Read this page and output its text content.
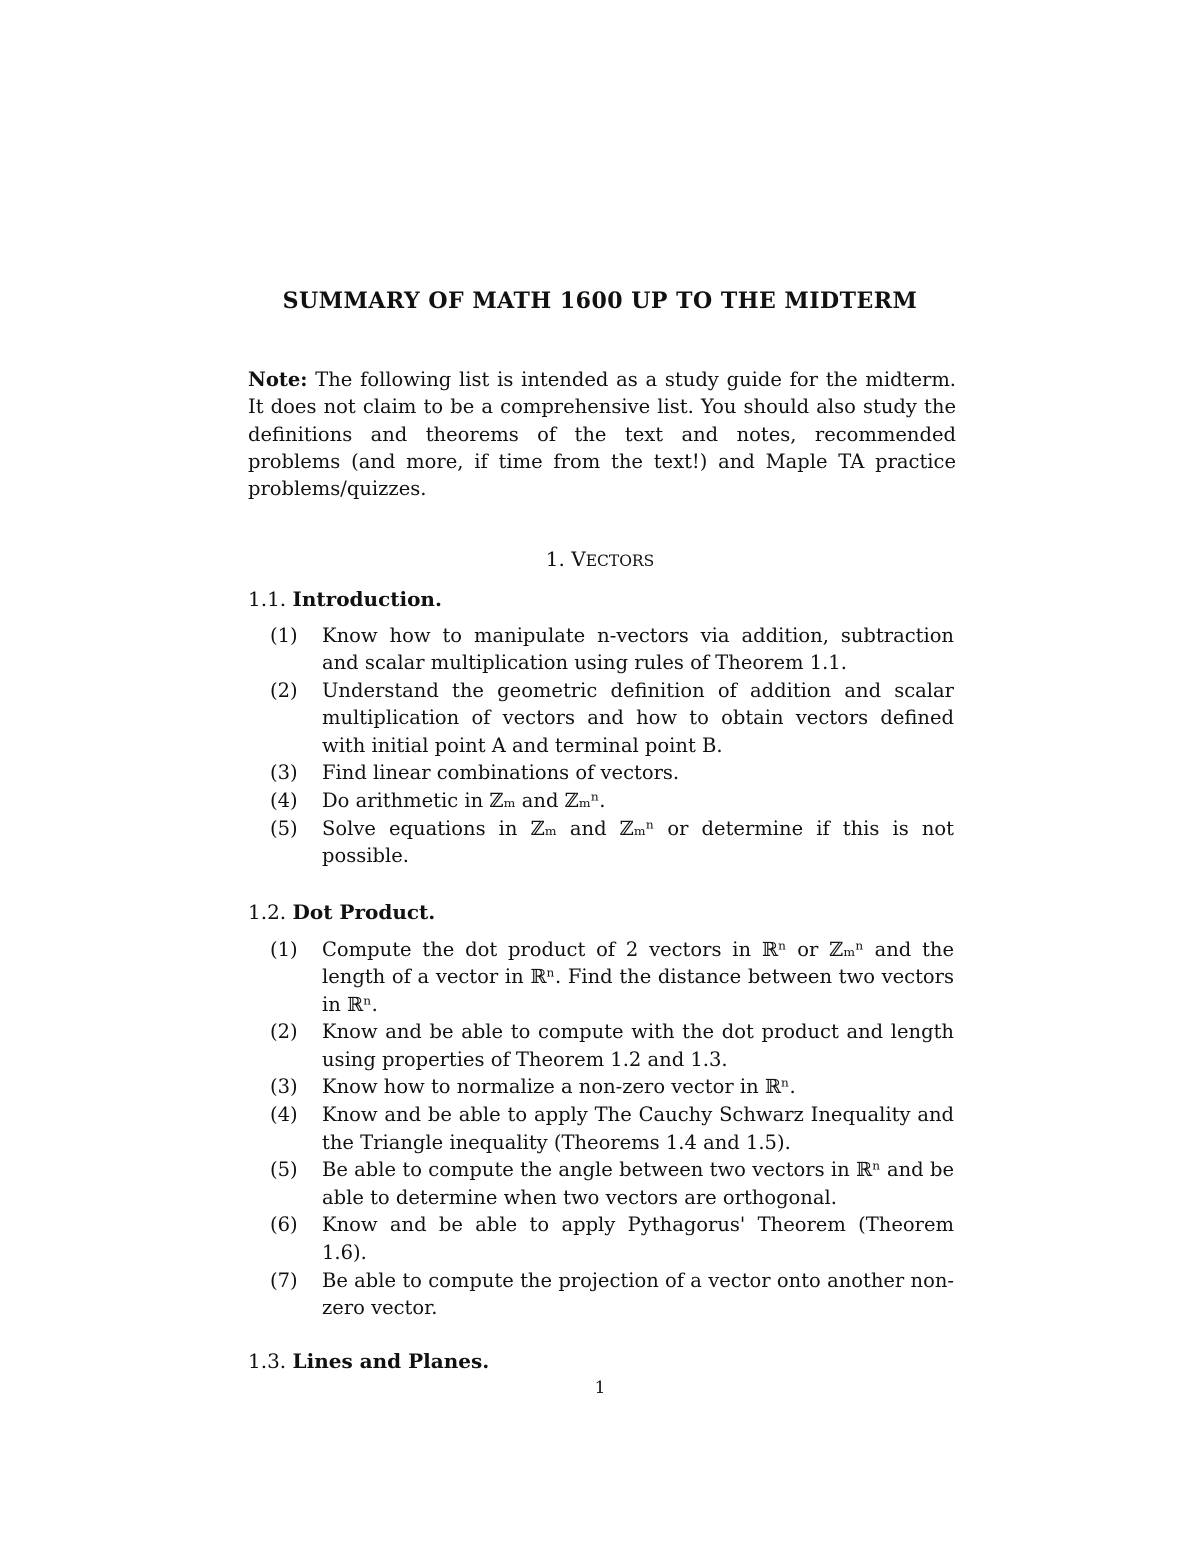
SUMMARY OF MATH 1600 UP TO THE MIDTERM
Note: The following list is intended as a study guide for the midterm. It does not claim to be a comprehensive list. You should also study the definitions and theorems of the text and notes, recommended problems (and more, if time from the text!) and Maple TA practice problems/quizzes.
1. VECTORS
1.1. Introduction.
(1) Know how to manipulate n-vectors via addition, subtraction and scalar multiplication using rules of Theorem 1.1.
(2) Understand the geometric definition of addition and scalar multiplication of vectors and how to obtain vectors defined with initial point A and terminal point B.
(3) Find linear combinations of vectors.
(4) Do arithmetic in ℤₘ and ℤₘⁿ.
(5) Solve equations in ℤₘ and ℤₘⁿ or determine if this is not possible.
1.2. Dot Product.
(1) Compute the dot product of 2 vectors in ℝⁿ or ℤₘⁿ and the length of a vector in ℝⁿ. Find the distance between two vectors in ℝⁿ.
(2) Know and be able to compute with the dot product and length using properties of Theorem 1.2 and 1.3.
(3) Know how to normalize a non-zero vector in ℝⁿ.
(4) Know and be able to apply The Cauchy Schwarz Inequality and the Triangle inequality (Theorems 1.4 and 1.5).
(5) Be able to compute the angle between two vectors in ℝⁿ and be able to determine when two vectors are orthogonal.
(6) Know and be able to apply Pythagorus' Theorem (Theorem 1.6).
(7) Be able to compute the projection of a vector onto another non-zero vector.
1.3. Lines and Planes.
1
